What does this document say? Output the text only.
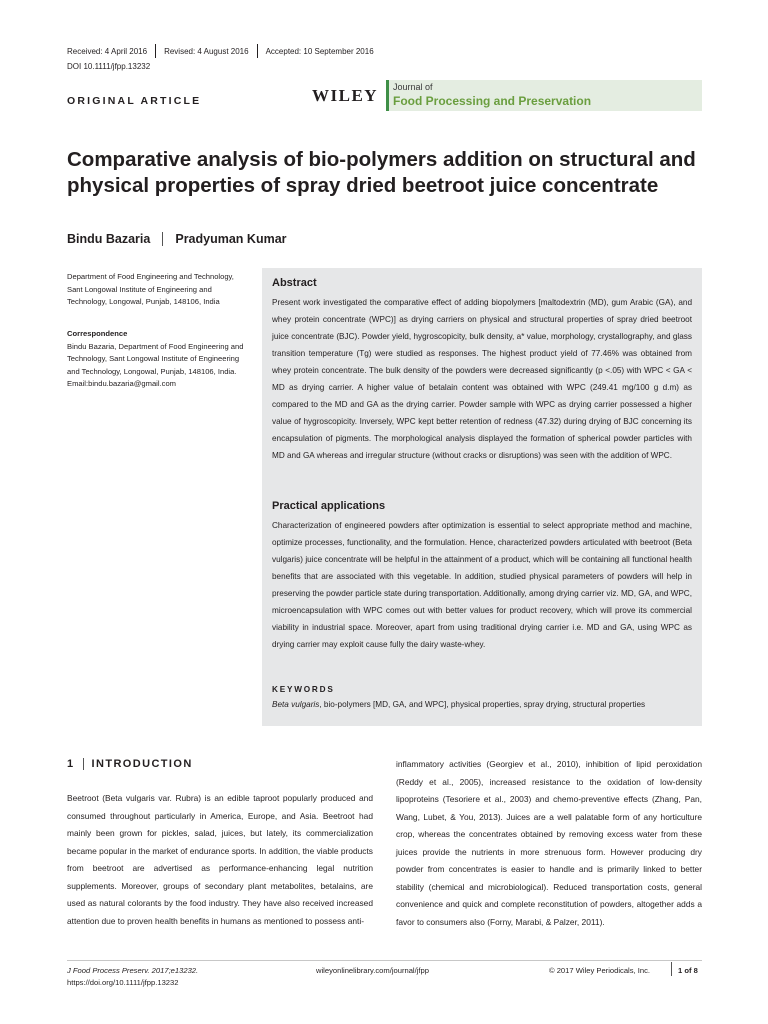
Received: 4 April 2016 Revised: 4 August 2016 Accepted: 10 September 2016
DOI 10.1111/jfpp.13232
ORIGINAL ARTICLE	WILEY Journal of
Food Processing and Preservation
Comparative analysis of bio-polymers addition on structural and
physical properties of spray dried beetroot juice concentrate
Bindu Bazaria Pradyuman Kumar
Department of Food Engineering and Technology, Sant Longowal Institute of Engineering and Technology, Longowal, Punjab, 148106, India
Correspondence
Bindu Bazaria, Department of Food Engineering and Technology, Sant Longowal Institute of Engineering and Technology, Longowal, Punjab, 148106, India.
Email:bindu.bazaria@gmail.com
Abstract
Present work investigated the comparative effect of adding biopolymers [maltodextrin (MD), gum Arabic (GA), and whey protein concentrate (WPC)] as drying carriers on physical and structural properties of spray dried beetroot juice concentrate (BJC). Powder yield, hygroscopicity, bulk density, a* value, morphology, crystallography, and glass transition temperature (Tg) were studied as responses. The highest product yield of 77.46% was obtained from whey protein concentrate. The bulk density of the powders were decreased significantly (p ˂.05) with WPC < GA < MD as drying carrier. A higher value of betalain content was obtained with WPC (249.41 mg/100 g d.m) as compared to the MD and GA as the drying carrier. Powder sample with WPC as drying carrier possessed a higher value of hygroscopicity. Inversely, WPC kept better retention of redness (47.32) during drying of BJC concerning its encapsulation of pigments. The morphological analysis displayed the formation of spherical powder particles with MD and GA whereas and irregular structure (without cracks or disruptions) was seen with the addition of WPC.
Practical applications
Characterization of engineered powders after optimization is essential to select appropriate method and machine, optimize processes, functionality, and the formulation. Hence, characterized powders articulated with beetroot (Beta vulgaris) juice concentrate will be helpful in the attainment of a product, which will be containing all functional health benefits that are associated with this vegetable. In addition, studied physical parameters of powders will help in preserving the powder particle state during transportation. Additionally, among drying carrier viz. MD, GA, and WPC, microencapsulation with WPC comes out with better values for product recovery, which will prove its commercial viability in industrial space. Moreover, apart from using traditional drying carrier i.e. MD and GA, using WPC as drying carrier may exploit cause fully the dairy waste-whey.
KEYWORDS
Beta vulgaris, bio-polymers [MD, GA, and WPC], physical properties, spray drying, structural properties
1 INTRODUCTION
Beetroot (Beta vulgaris var. Rubra) is an edible taproot popularly produced and consumed throughout particularly in America, Europe, and Asia. Beetroot had mainly been grown for pickles, salad, juices, but lately, its commercialization became popular in the market of endurance sports. In addition, the viable products from beetroot are advertised as performance-enhancing legal nutrition supplements. Moreover, groups of secondary plant metabolites, betalains, are used as natural colorants by the food industry. They have also received increased attention due to proven health benefits in humans as mentioned to possess anti-
inflammatory activities (Georgiev et al., 2010), inhibition of lipid peroxidation (Reddy et al., 2005), increased resistance to the oxidation of low-density lipoproteins (Tesoriere et al., 2003) and chemo-preventive effects (Zhang, Pan, Wang, Lubet, & You, 2013). Juices are a well palatable form of any horticulture crop, whereas the concentrates obtained by removing excess water from these juices provide the nutrients in more strenuous form. However producing dry powder from concentrates is easier to handle and is primarily linked to better stability (chemical and microbiological). Reduced transportation costs, general convenience and quick and complete reconstitution of powders, altogether adds a favor to consumers also (Forny, Marabi, & Palzer, 2011).
J Food Process Preserv. 2017;e13232.
https://doi.org/10.1111/jfpp.13232
wileyonlinelibrary.com/journal/jfpp	© 2017 Wiley Periodicals, Inc.	1 of 8
